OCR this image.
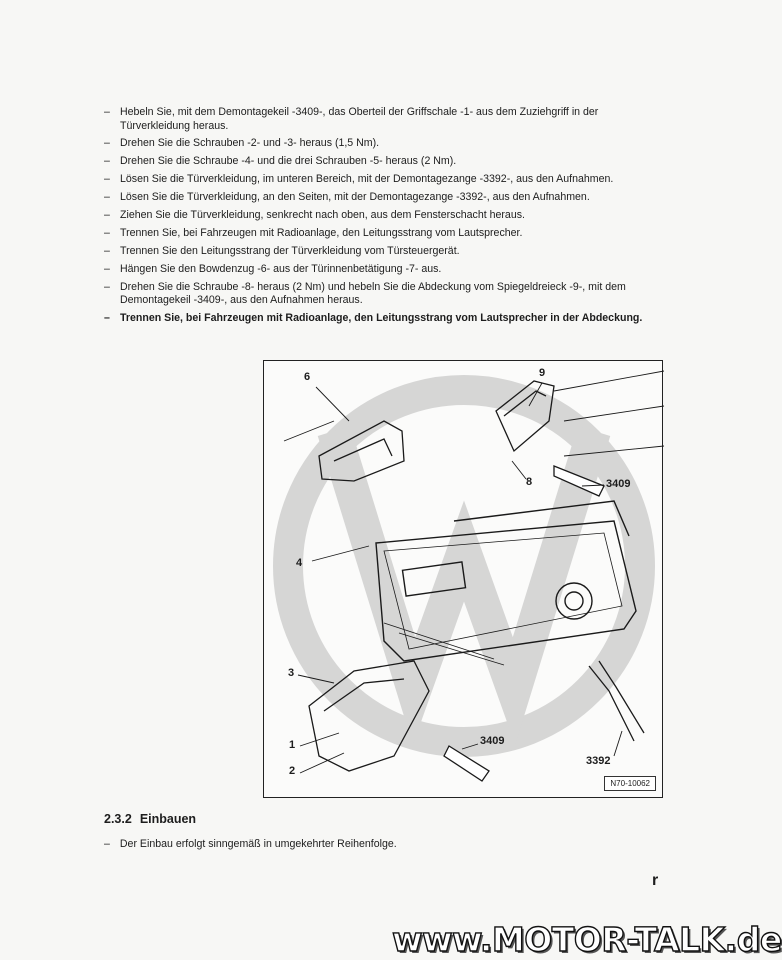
– Hebeln Sie, mit dem Demontagekeil -3409-, das Oberteil der Griffschale -1- aus dem Zuziehgriff in der Türverkleidung heraus.
– Drehen Sie die Schrauben -2- und -3- heraus (1,5 Nm).
– Drehen Sie die Schraube -4- und die drei Schrauben -5- heraus (2 Nm).
– Lösen Sie die Türverkleidung, im unteren Bereich, mit der Demontagezange -3392-, aus den Aufnahmen.
– Lösen Sie die Türverkleidung, an den Seiten, mit der Demontagezange -3392-, aus den Aufnahmen.
– Ziehen Sie die Türverkleidung, senkrecht nach oben, aus dem Fensterschacht heraus.
– Trennen Sie, bei Fahrzeugen mit Radioanlage, den Leitungsstrang vom Lautsprecher.
– Trennen Sie den Leitungsstrang der Türverkleidung vom Türsteuergerät.
– Hängen Sie den Bowdenzug -6- aus der Türinnenbetätigung -7- aus.
– Drehen Sie die Schraube -8- heraus (2 Nm) und hebeln Sie die Abdeckung vom Spiegeldreieck -9-, mit dem Demontagekeil -3409-, aus den Aufnahmen heraus.
– Trennen Sie, bei Fahrzeugen mit Radioanlage, den Leitungsstrang vom Lautsprecher in der Abdeckung.
6	9
8	3409
4
3
1
2
3409
3392
N70-10062
2.3.2 Einbauen
– Der Einbau erfolgt sinngemäß in umgekehrter Reihenfolge.
r
www.MOTOR-TALK.de
